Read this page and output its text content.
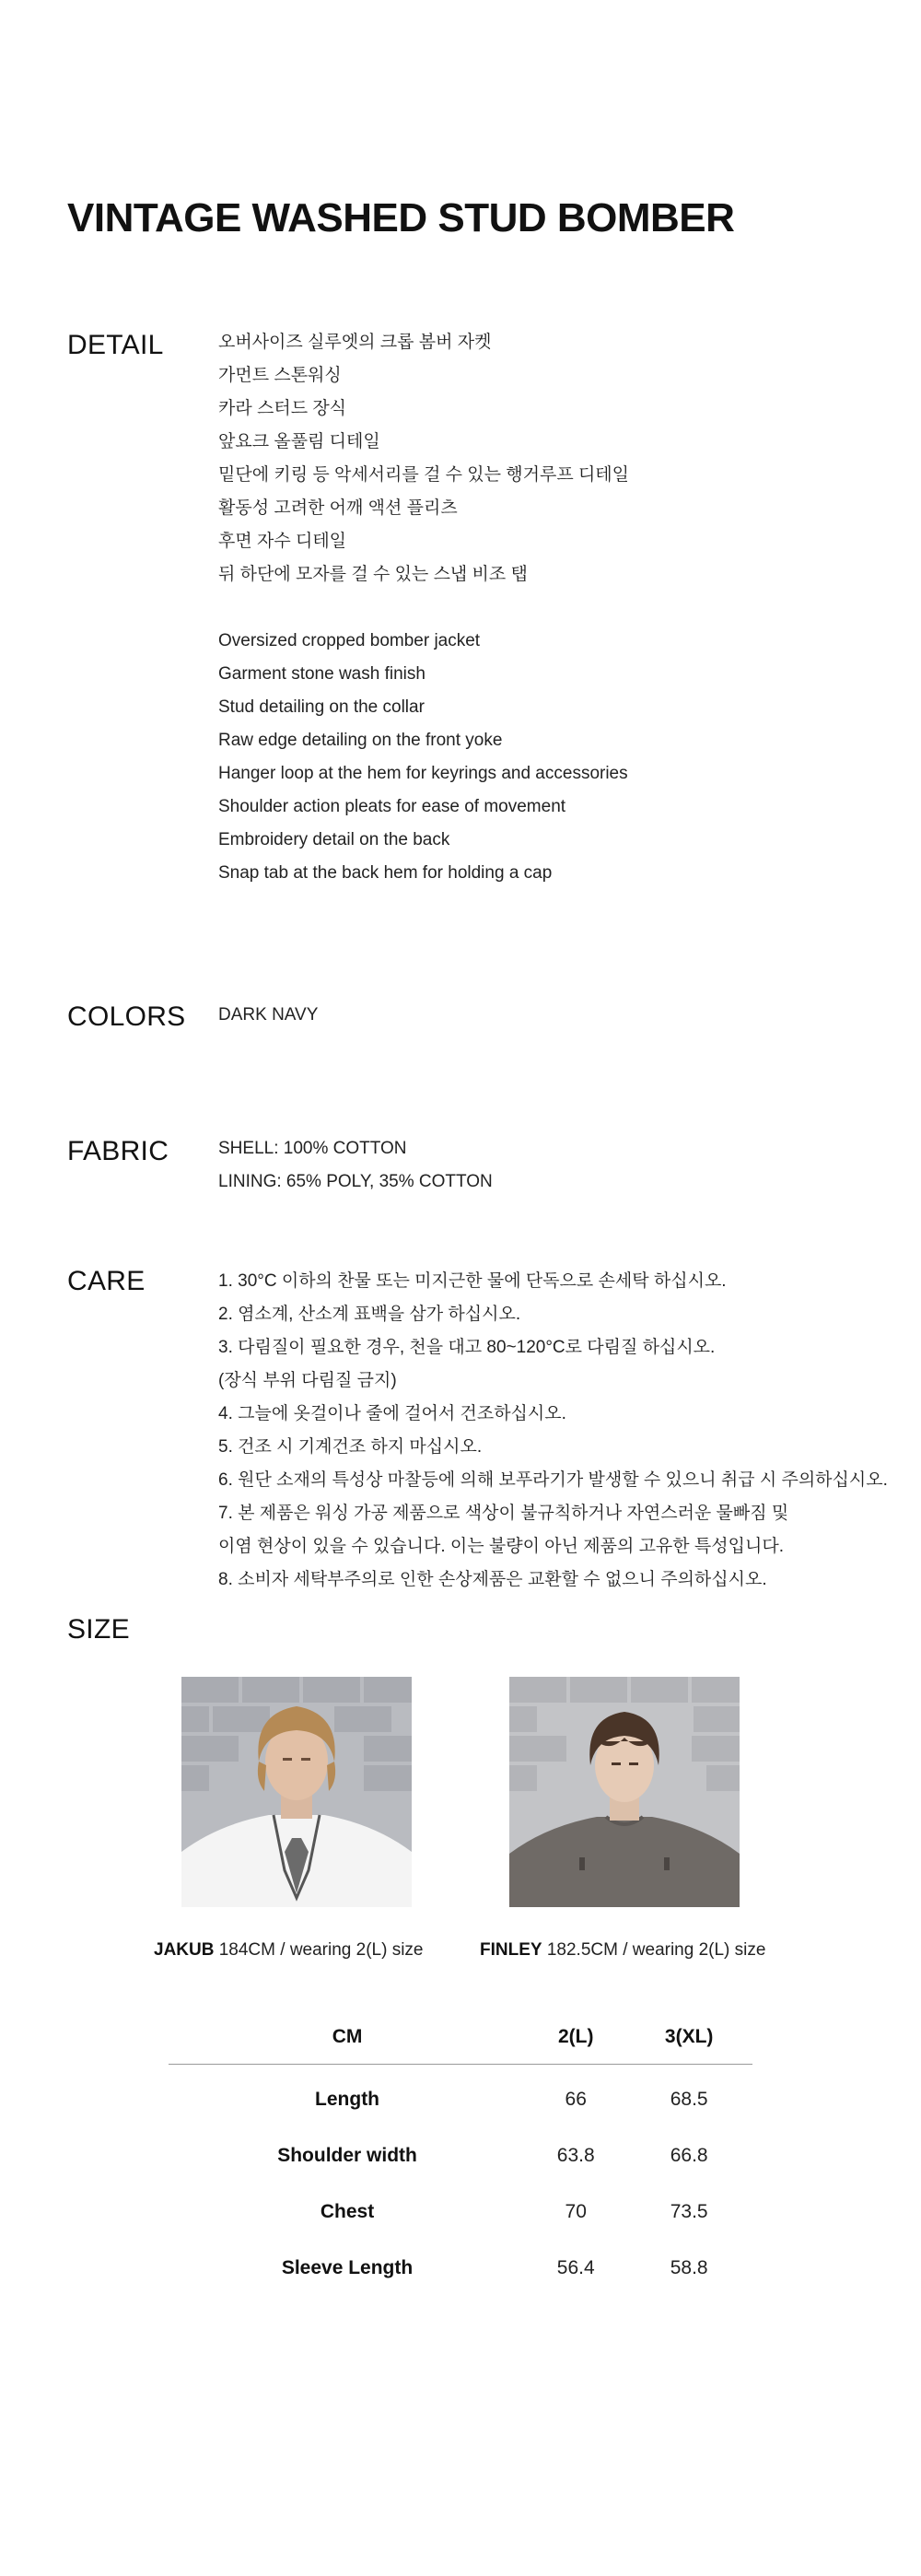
VINTAGE WASHED STUD BOMBER
DETAIL	오버사이즈 실루엣의 크롭 봄버 자켓
가먼트 스톤워싱
카라 스터드 장식
앞요크 올풀림 디테일
밑단에 키링 등 악세서리를 걸 수 있는 행거루프 디테일
활동성 고려한 어깨 액션 플리츠
후면 자수 디테일
뒤 하단에 모자를 걸 수 있는 스냅 비조 탭
Oversized cropped bomber jacket
Garment stone wash finish
Stud detailing on the collar
Raw edge detailing on the front yoke
Hanger loop at the hem for keyrings and accessories
Shoulder action pleats for ease of movement
Embroidery detail on the back
Snap tab at the back hem for holding a cap
COLORS DARK NAVY
FABRIC	SHELL: 100% COTTON
LINING: 65% POLY, 35% COTTON
CARE	1. 30°C 이하의 찬물 또는 미지근한 물에 단독으로 손세탁 하십시오.
2. 염소계, 산소계 표백을 삼가 하십시오.
3. 다림질이 필요한 경우, 천을 대고 80~120°C로 다림질 하십시오.
(장식 부위 다림질 금지)
4. 그늘에 옷걸이나 줄에 걸어서 건조하십시오.
5. 건조 시 기계건조 하지 마십시오.
6. 원단 소재의 특성상 마찰등에 의해 보푸라기가 발생할 수 있으니 취급 시 주의하십시오.
7. 본 제품은 워싱 가공 제품으로 색상이 불규칙하거나 자연스러운 물빠짐 및
이염 현상이 있을 수 있습니다. 이는 불량이 아닌 제품의 고유한 특성입니다.
8. 소비자 세탁부주의로 인한 손상제품은 교환할 수 없으니 주의하십시오.
SIZE
JAKUB 184CM / wearing 2(L) size	FINLEY 182.5CM / wearing 2(L) size
CM	2(L)	3(XL)
Length	66	68.5
Shoulder width	63.8	66.8
Chest	70	73.5
Sleeve Length	56.4	58.8
